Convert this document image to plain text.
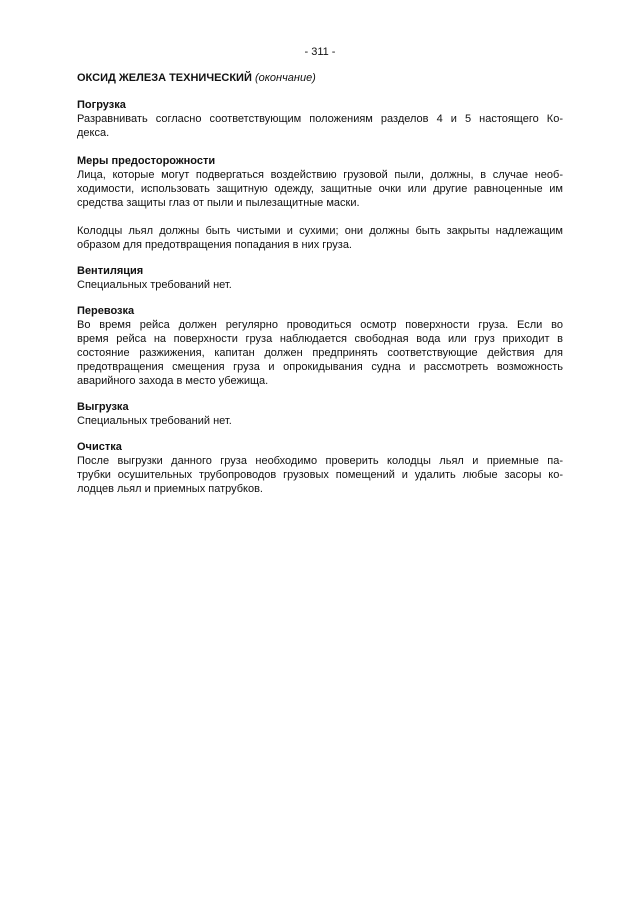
- 311 -
ОКСИД ЖЕЛЕЗА ТЕХНИЧЕСКИЙ (окончание)

Погрузка

Разравнивать согласно соответствующим положениям разделов 4 и 5 настоящего Ко-
декса.

Меры предосторожности

Лица, которые могут подвергаться воздействию грузовой пыли, должны, в случае необ-
ходимости, использовать защитную одежду, защитные очки или другие равноценные им
средства защиты глаз от пыли и пылезащитные маски.

Колодцы льял должны быть чистыми и сухими; они должны быть закрыты надлежащим
образом для предотвращения попадания в них груза.

Вентиляция

Специальных требований нет.

Перевозка

Во время рейса должен регулярно проводиться осмотр поверхности груза. Если во
время рейса на поверхности груза наблюдается свободная вода или груз приходит в
состояние разжижения, капитан должен предпринять соответствующие действия для
предотвращения смещения груза и опрокидывания судна и рассмотреть возможность
аварийного захода в место убежища.

Выгрузка

Специальных требований нет.

Очистка

После выгрузки данного груза необходимо проверить колодцы льял и приемные па-
трубки осушительных трубопроводов грузовых помещений и удалить любые засоры ко-
лодцев льял и приемных патрубков.
